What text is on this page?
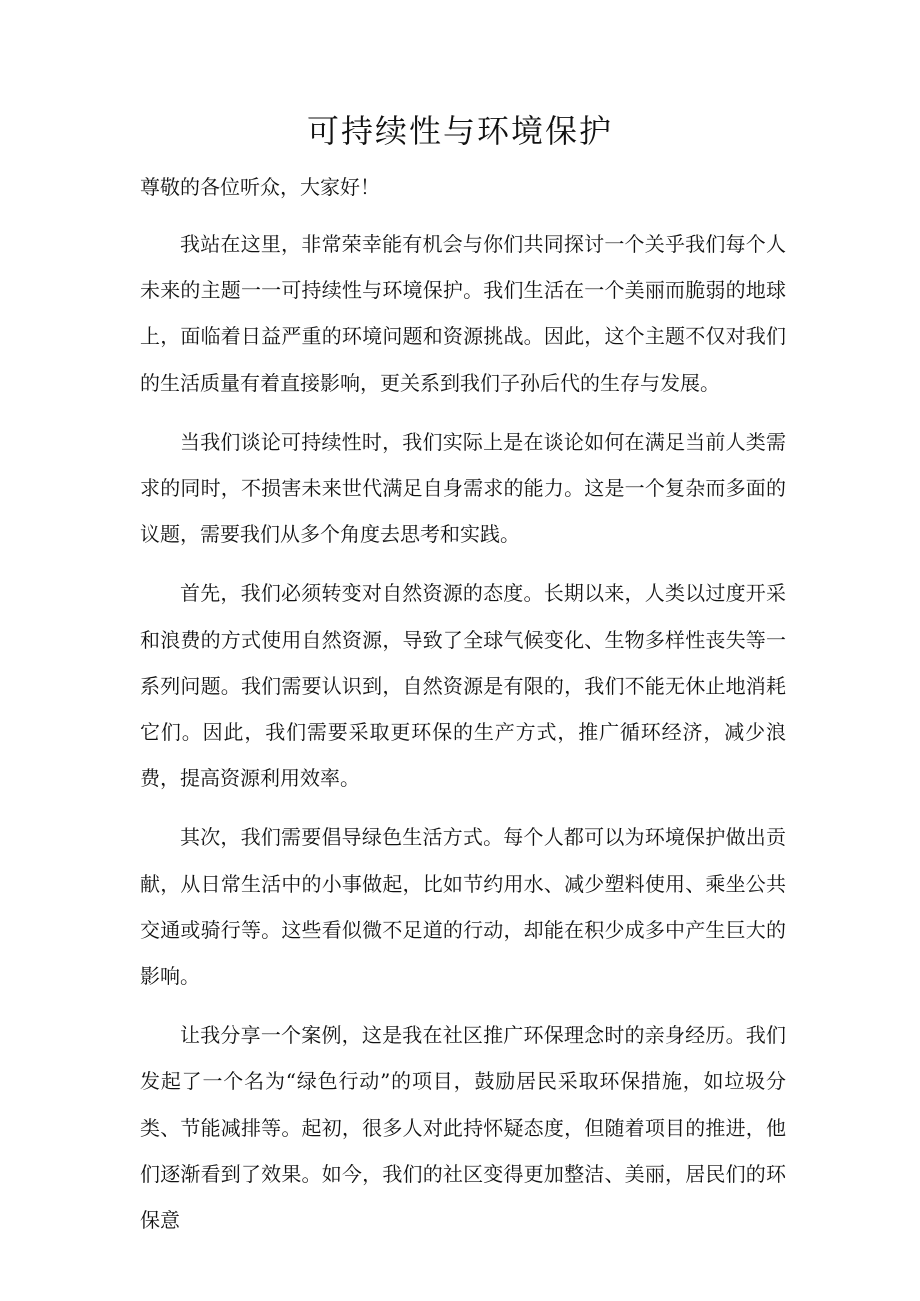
可持续性与环境保护

尊敬的各位听众，大家好！

我站在这里，非常荣幸能有机会与你们共同探讨一个关乎我们每个人未来的主题一一可持续性与环境保护。我们生活在一个美丽而脆弱的地球上，面临着日益严重的环境问题和资源挑战。因此，这个主题不仅对我们的生活质量有着直接影响，更关系到我们子孙后代的生存与发展。

当我们谈论可持续性时，我们实际上是在谈论如何在满足当前人类需求的同时，不损害未来世代满足自身需求的能力。这是一个复杂而多面的议题，需要我们从多个角度去思考和实践。

首先，我们必须转变对自然资源的态度。长期以来，人类以过度开采和浪费的方式使用自然资源，导致了全球气候变化、生物多样性丧失等一系列问题。我们需要认识到，自然资源是有限的，我们不能无休止地消耗它们。因此，我们需要采取更环保的生产方式，推广循环经济，减少浪费，提高资源利用效率。

其次，我们需要倡导绿色生活方式。每个人都可以为环境保护做出贡献，从日常生活中的小事做起，比如节约用水、减少塑料使用、乘坐公共交通或骑行等。这些看似微不足道的行动，却能在积少成多中产生巨大的影响。

让我分享一个案例，这是我在社区推广环保理念时的亲身经历。我们发起了一个名为“绿色行动”的项目，鼓励居民采取环保措施，如垃圾分类、节能减排等。起初，很多人对此持怀疑态度，但随着项目的推进，他们逐渐看到了效果。如今，我们的社区变得更加整洁、美丽，居民们的环保意
